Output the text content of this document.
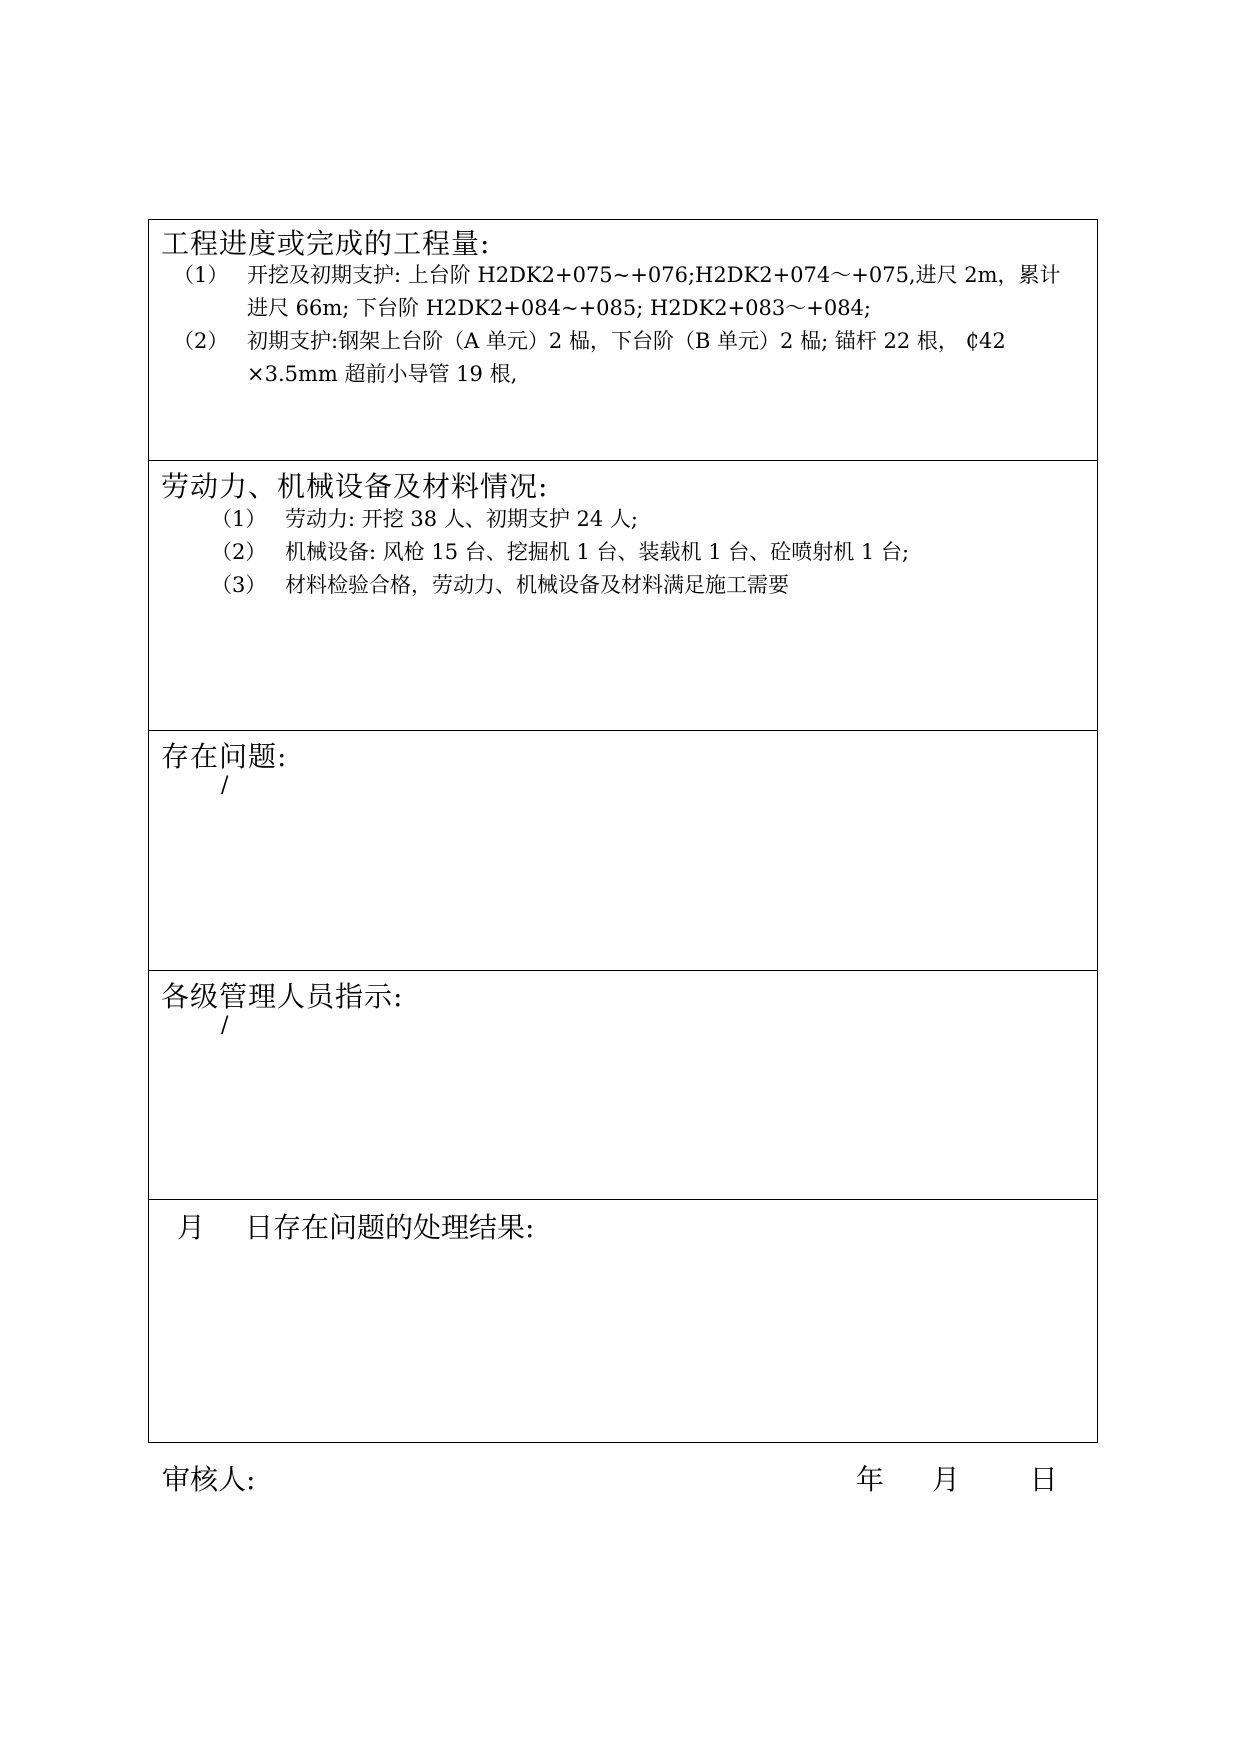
工程进度或完成的工程量:
（1） 开挖及初期支护: 上台阶 H2DK2+075~+076;H2DK2+074～+075,进尺 2m，累计
进尺 66m; 下台阶 H2DK2+084~+085; H2DK2+083～+084;
（2） 初期支护:钢架上台阶（A 单元）2 榀，下台阶（B 单元）2 榀; 锚杆 22 根， ₵42
×3.5mm 超前小导管 19 根,
劳动力、机械设备及材料情况:
（1） 劳动力: 开挖 38 人、初期支护 24 人;
（2） 机械设备: 风枪 15 台、挖掘机 1 台、装载机 1 台、砼喷射机 1 台;
（3） 材料检验合格，劳动力、机械设备及材料满足施工需要
存在问题:
/
各级管理人员指示:
/
月 日存在问题的处理结果:
审核人:	年 月 日
